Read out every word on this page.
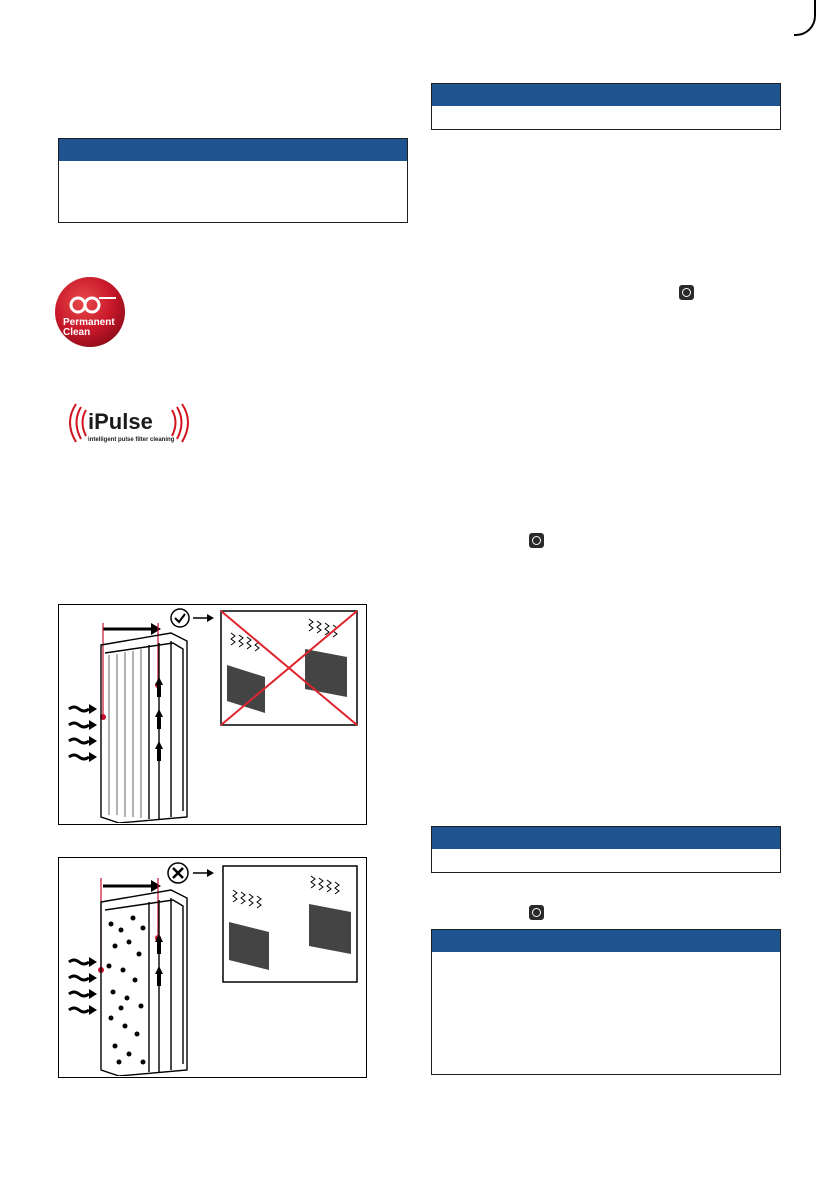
Permanent
Clean
iPulse
intelligent pulse filter cleaning
